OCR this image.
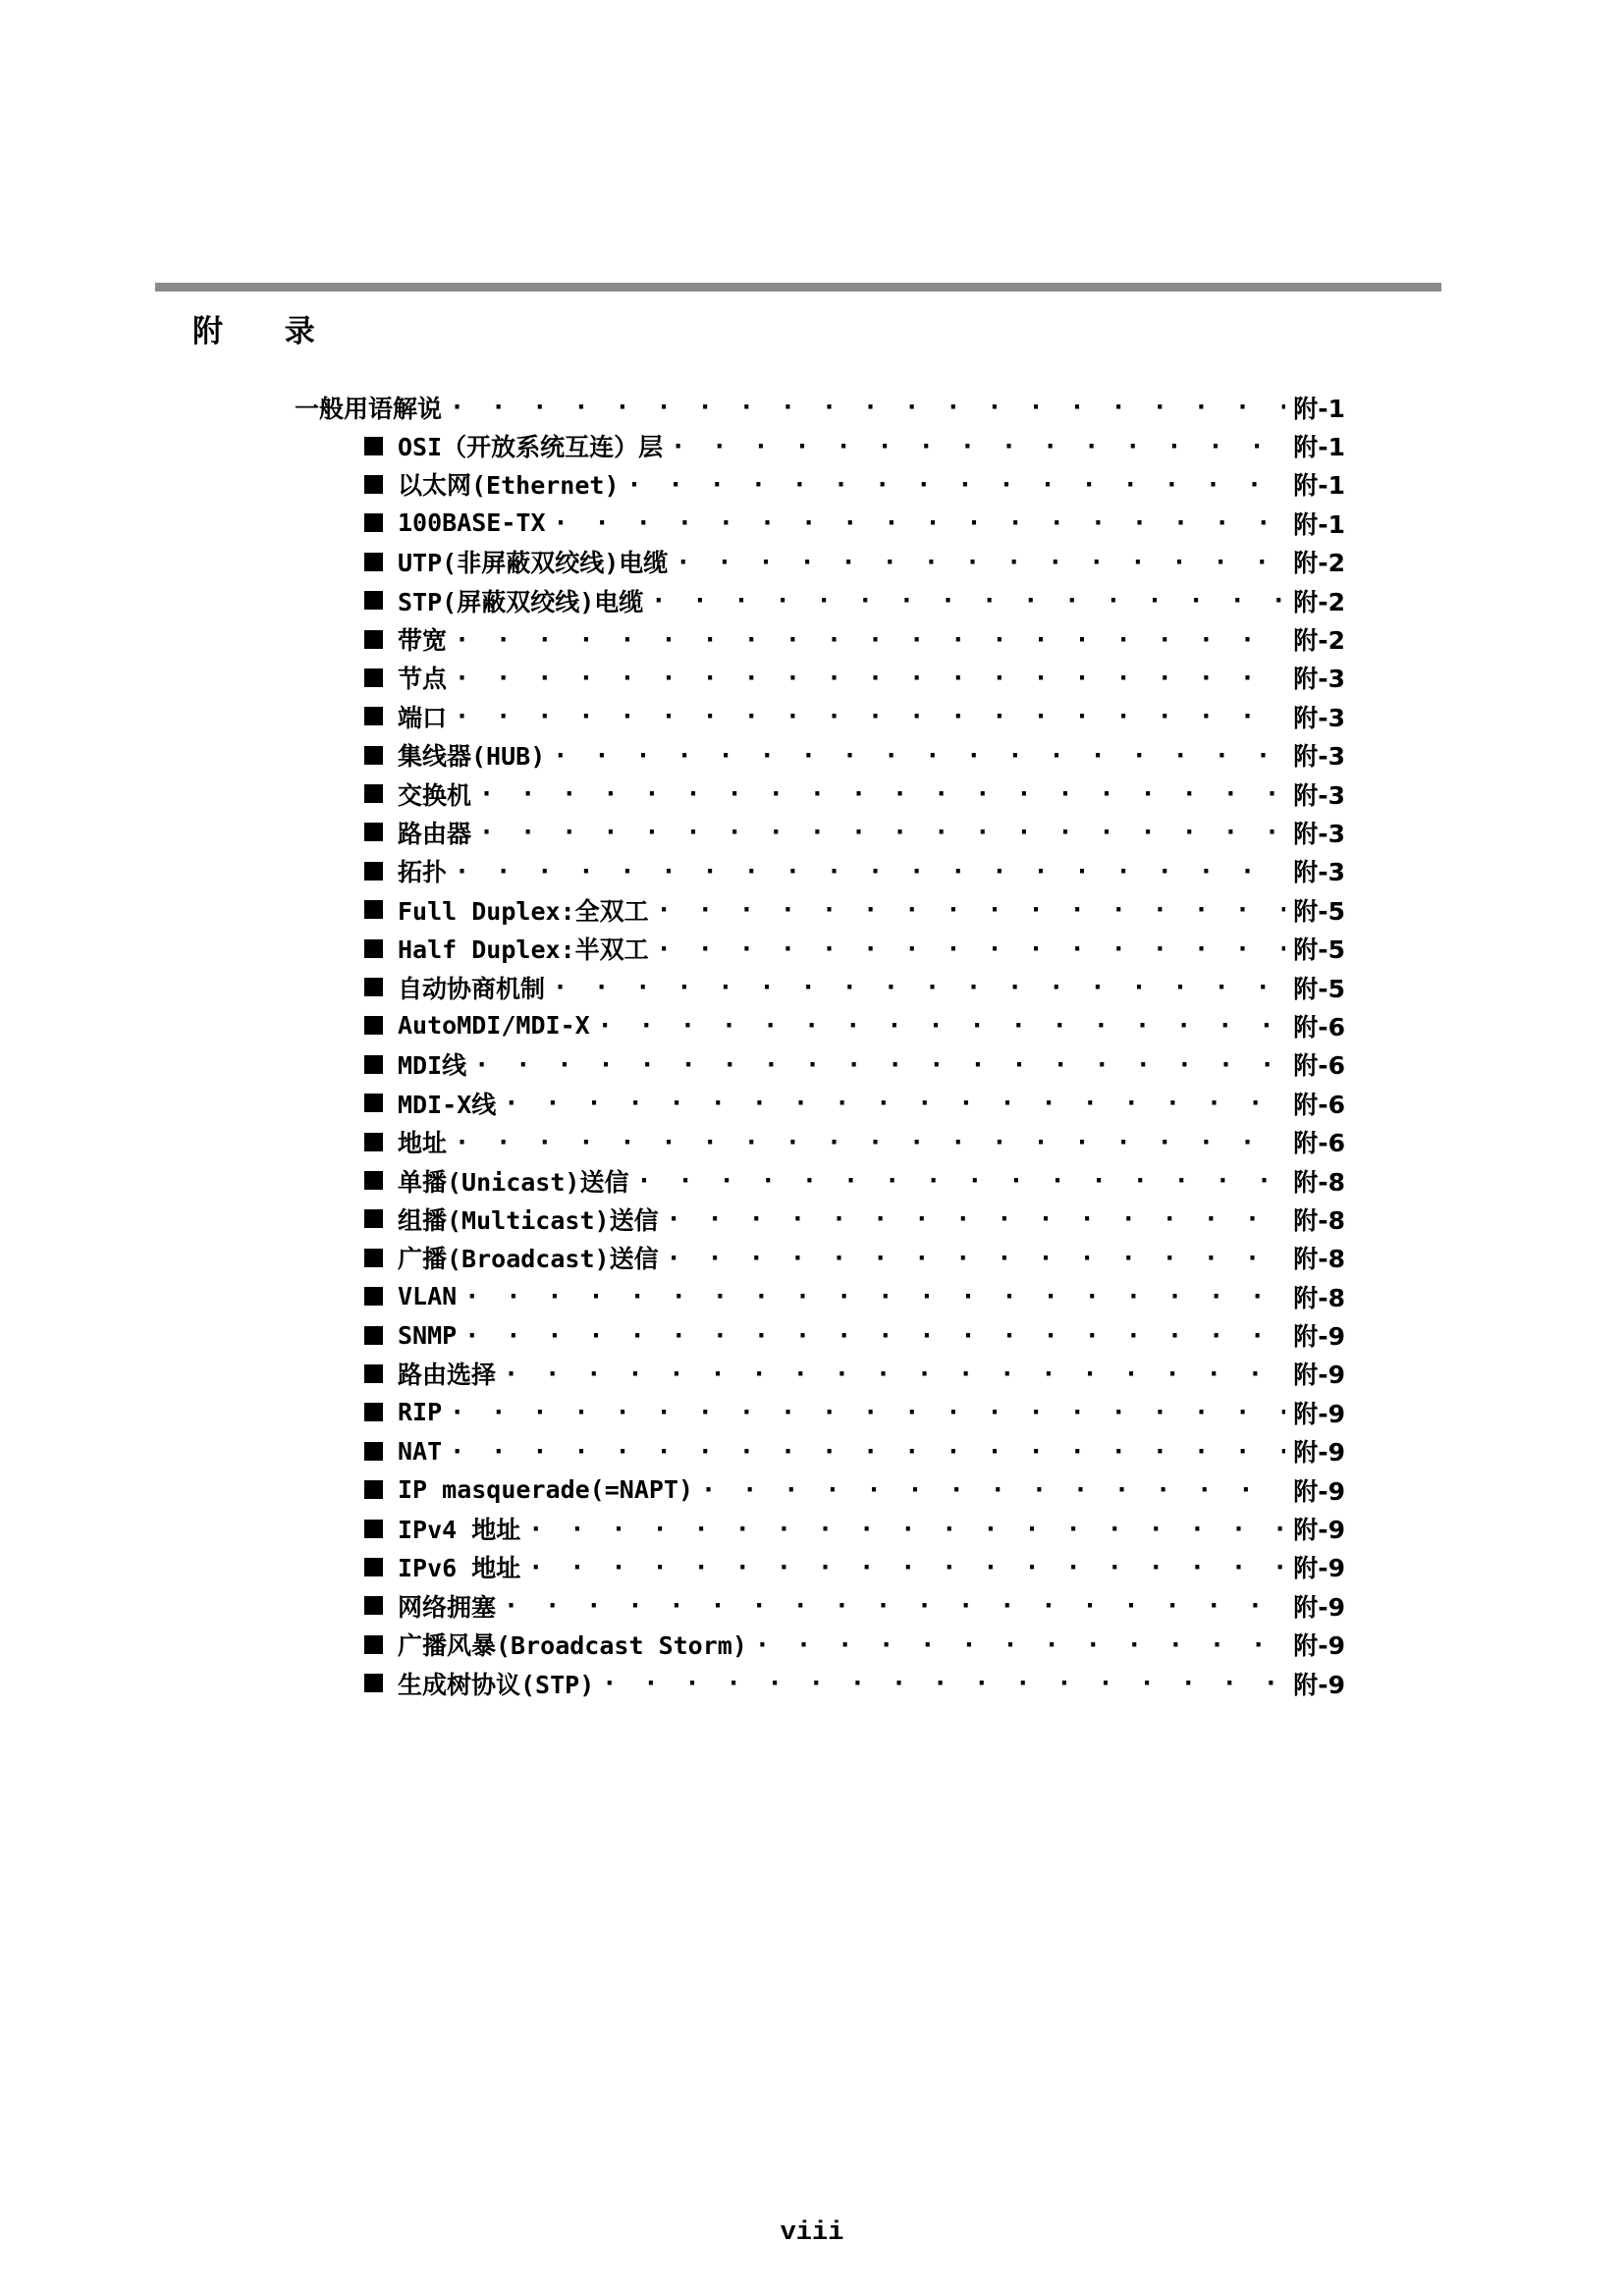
附 录
一般用语解说 · · ·	附-1
OSI（开放系统互连）层 · · ·	附-1
以太网(Ethernet) · · ·	附-1
100BASE-TX · · ·	附-1
UTP(非屏蔽双绞线)电缆 · · ·	附-2
STP(屏蔽双绞线)电缆 · · ·	附-2
带宽 · · ·	附-2
节点 · · ·	附-3
端口 · · ·	附-3
集线器(HUB) · · ·	附-3
交换机 · · ·	附-3
路由器 · · ·	附-3
拓扑 · · ·	附-3
Full Duplex:全双工 · · ·	附-5
Half Duplex:半双工 · · ·	附-5
自动协商机制 · · ·	附-5
AutoMDI/MDI-X · · ·	附-6
MDI线 · · ·	附-6
MDI-X线 · · ·	附-6
地址 · · ·	附-6
单播(Unicast)送信 · · ·	附-8
组播(Multicast)送信 · · ·	附-8
广播(Broadcast)送信 · · ·	附-8
VLAN · · ·	附-8
SNMP · · ·	附-9
路由选择 · · ·	附-9
RIP · · ·	附-9
NAT · · ·	附-9
IP masquerade(=NAPT) · · ·	附-9
IPv4 地址 · · ·	附-9
IPv6 地址 · · ·	附-9
网络拥塞 · · ·	附-9
广播风暴(Broadcast Storm) · · ·	附-9
生成树协议(STP) · · ·	附-9
viii
